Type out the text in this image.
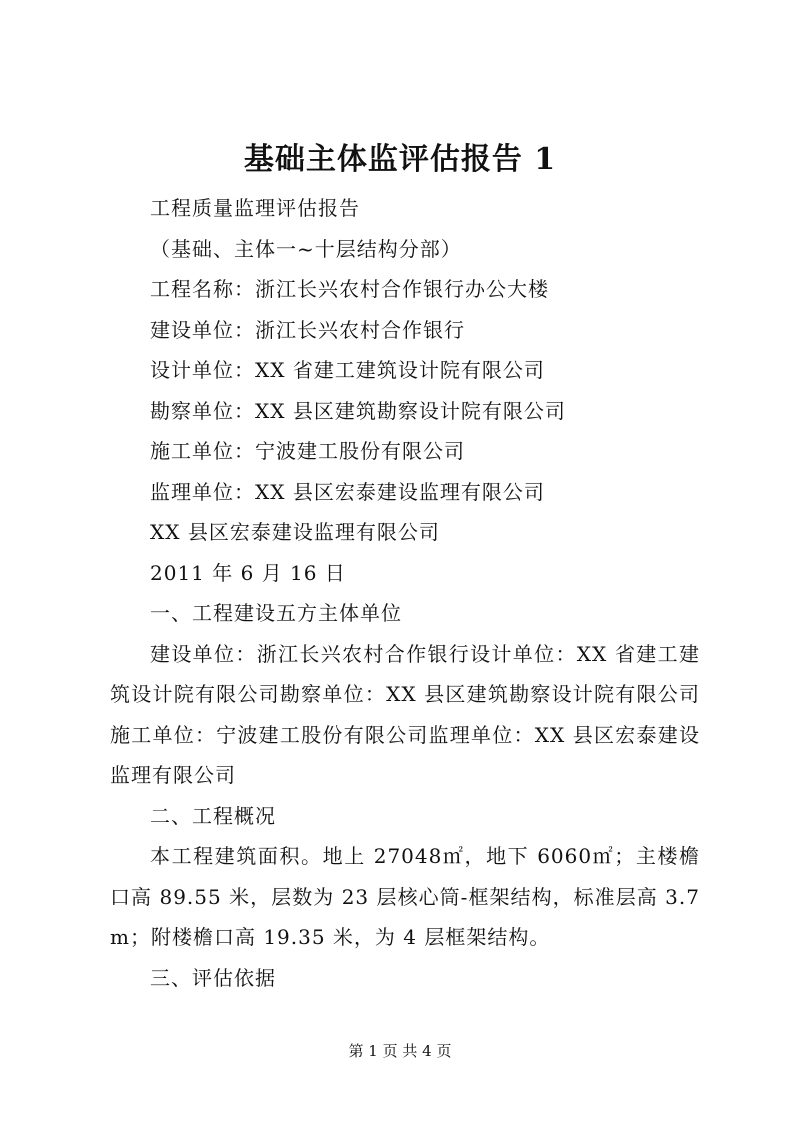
基础主体监评估报告 1
工程质量监理评估报告
（基础、主体一~十层结构分部）
工程名称：浙江长兴农村合作银行办公大楼
建设单位：浙江长兴农村合作银行
设计单位：XX 省建工建筑设计院有限公司
勘察单位：XX 县区建筑勘察设计院有限公司
施工单位：宁波建工股份有限公司
监理单位：XX 县区宏泰建设监理有限公司
XX 县区宏泰建设监理有限公司
2011 年 6 月 16 日
一、工程建设五方主体单位
建设单位：浙江长兴农村合作银行设计单位：XX 省建工建筑设计院有限公司勘察单位：XX 县区建筑勘察设计院有限公司施工单位：宁波建工股份有限公司监理单位：XX 县区宏泰建设监理有限公司
二、工程概况
本工程建筑面积。地上 27048㎡，地下 6060㎡；主楼檐口高 89.55 米，层数为 23 层核心筒-框架结构，标准层高 3.7m；附楼檐口高 19.35 米，为 4 层框架结构。
三、评估依据
第 1 页 共 4 页
